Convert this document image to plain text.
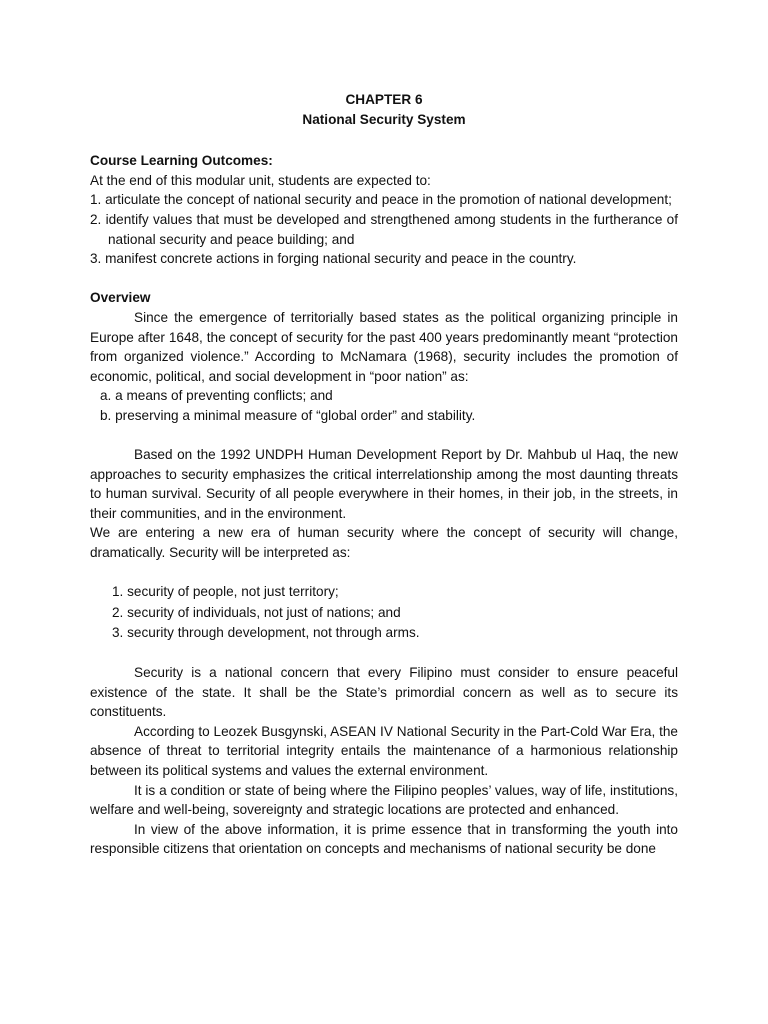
CHAPTER 6

National Security System

Course Learning Outcomes:

At the end of this modular unit, students are expected to:

1. articulate the concept of national security and peace in the promotion of national development;
2. identify values that must be developed and strengthened among students in the furtherance of national security and peace building; and
3. manifest concrete actions in forging national security and peace in the country.

Overview

Since the emergence of territorially based states as the political organizing principle in Europe after 1648, the concept of security for the past 400 years predominantly meant “protection from organized violence.” According to McNamara (1968), security includes the promotion of economic, political, and social development in “poor nation” as:

a. a means of preventing conflicts; and
b. preserving a minimal measure of “global order” and stability.

Based on the 1992 UNDPH Human Development Report by Dr. Mahbub ul Haq, the new approaches to security emphasizes the critical interrelationship among the most daunting threats to human survival. Security of all people everywhere in their homes, in their job, in the streets, in their communities, and in the environment.

We are entering a new era of human security where the concept of security will change, dramatically. Security will be interpreted as:

1. security of people, not just territory;
2. security of individuals, not just of nations; and
3. security through development, not through arms.

Security is a national concern that every Filipino must consider to ensure peaceful existence of the state. It shall be the State’s primordial concern as well as to secure its constituents.

According to Leozek Busgynski, ASEAN IV National Security in the Part-Cold War Era, the absence of threat to territorial integrity entails the maintenance of a harmonious relationship between its political systems and values the external environment.

It is a condition or state of being where the Filipino peoples’ values, way of life, institutions, welfare and well-being, sovereignty and strategic locations are protected and enhanced.

In view of the above information, it is prime essence that in transforming the youth into responsible citizens that orientation on concepts and mechanisms of national security be done
